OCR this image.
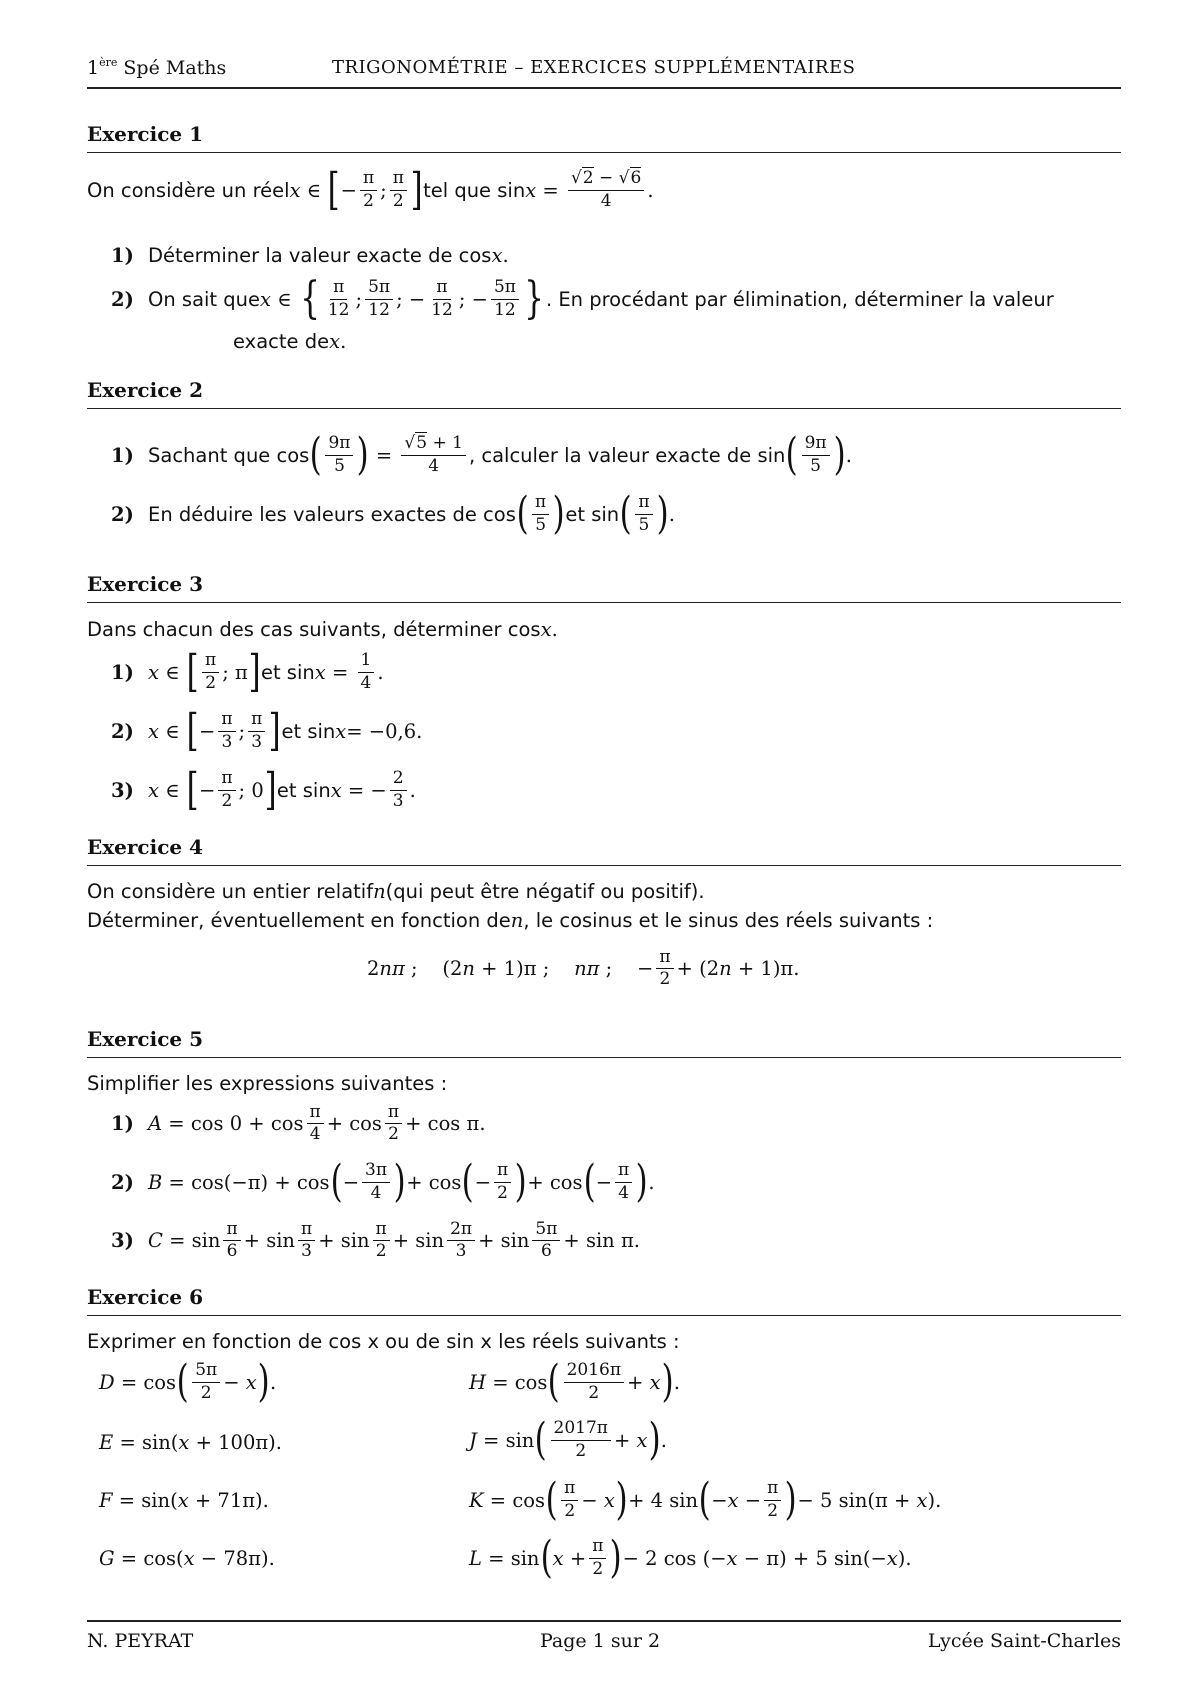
1ère Spé Maths	TRIGONOMÉTRIE – EXERCICES SUPPLÉMENTAIRES
Exercice 1
On considère un réel x ∈ [ − $\frac{\pi}{2}$ ; $\frac{\pi}{2}$ ] tel que $\sin x = \frac{√2 - √6}{4}$ .
1) Déterminer la valeur exacte de cos x .
2) On sait que x ∈ { $\frac{\pi}{12}$ ; $\frac{5\pi}{12}$ ; − $\frac{\pi}{12}$ ; − $\frac{5\pi}{12}$ } . En procédant par élimination, déterminer la valeur
exacte de x .
Exercice 2
1) Sachant que cos ( $\frac{9\pi}{5}$ ) = $\frac{√5 + 1}{4}$ , calculer la valeur exacte de sin ( $\frac{9\pi}{5}$ ) .
2) En déduire les valeurs exactes de cos ( $\frac{\pi}{5}$ ) et sin ( $\frac{\pi}{5}$ ) .
Exercice 3
Dans chacun des cas suivants, déterminer cos x .
1) x ∈ [ $\frac{\pi}{2}$ ; π ] et $\sin x = \frac{1}{4}$ .
2) x ∈ [ − $\frac{\pi}{3}$ ; $\frac{\pi}{3}$ ] et sin x = −0,6.
3) x ∈ [ − $\frac{\pi}{2}$ ; 0 ] et sin x = − $\frac{2}{3}$ .
Exercice 4
On considère un entier relatif n (qui peut être négatif ou positif).
Déterminer, éventuellement en fonction de n , le cosinus et le sinus des réels suivants :
2nπ ;    (2n + 1)π ;    nπ ;    − $\frac{\pi}{2} + (2n + 1)\pi$.
Exercice 5
Simplifier les expressions suivantes :
1) $A = \cos 0 + \cos \frac{\pi}{4} + \cos \frac{\pi}{2} + \cos \pi$.
2) B = cos(−π) + cos ( − $\frac{3\pi}{4}$ ) + cos ( − $\frac{\pi}{2}$ ) + cos ( − $\frac{\pi}{4}$ ) .
3) $C = \sin \frac{\pi}{6} + \sin \frac{\pi}{3} + \sin \frac{\pi}{2} + \sin \frac{2\pi}{3} + \sin \frac{5\pi}{6} + \sin \pi$.
Exercice 6
Exprimer en fonction de cos x ou de sin x les réels suivants :
D = cos ( $\frac{5\pi}{2} - x$ ) .	H = cos ( $\frac{2016\pi}{2} + x$ ) .
E = sin(x + 100π).	J = sin ( $\frac{2017\pi}{2} + x$ ) .
F = sin(x + 71π).	K = cos ( $\frac{\pi}{2} - x$ ) + 4 sin ( $-x - \frac{\pi}{2}$ ) − 5 sin(π + x).
G = cos(x − 78π).	L = sin ( $x + \frac{\pi}{2}$ ) − 2 cos (−x − π) + 5 sin(−x).
N. PEYRAT	Page 1 sur 2	Lycée Saint-Charles
